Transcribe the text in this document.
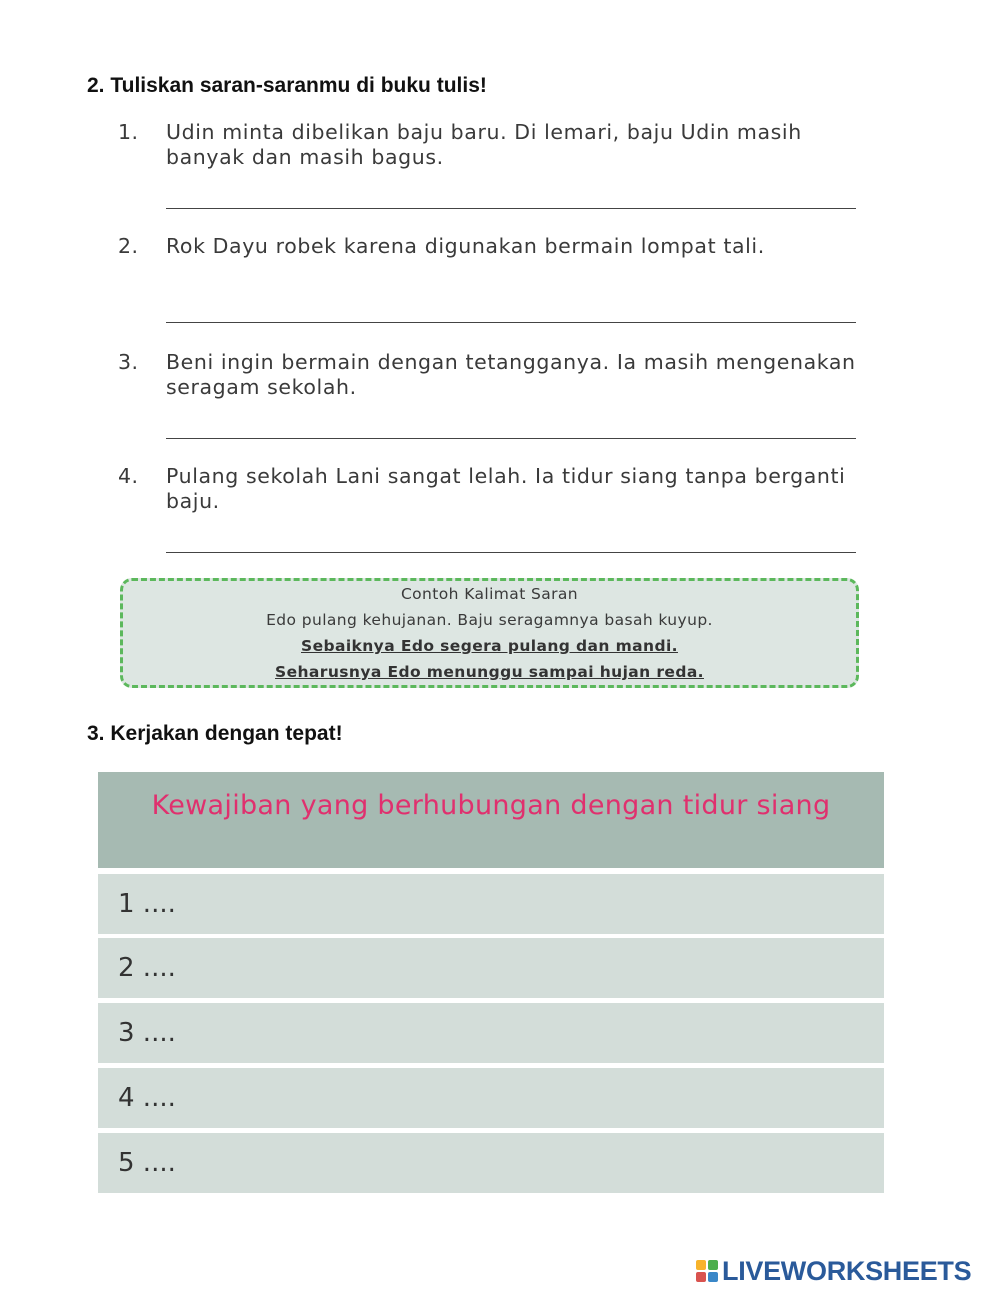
2. Tuliskan saran-saranmu di buku tulis!
1.	Udin minta dibelikan baju baru. Di lemari, baju Udin masih banyak dan masih bagus.
2.	Rok Dayu robek karena digunakan bermain lompat tali.
3.	Beni ingin bermain dengan tetangganya. Ia masih mengenakan seragam sekolah.
4.	Pulang sekolah Lani sangat lelah. Ia tidur siang tanpa berganti baju.
Contoh Kalimat Saran
Edo pulang kehujanan. Baju seragamnya basah kuyup.
Sebaiknya Edo segera pulang dan mandi.
Seharusnya Edo menunggu sampai hujan reda.
3. Kerjakan dengan tepat!
Kewajiban yang berhubungan dengan tidur siang
1 ....
2 ....
3 ....
4 ....
5 ....
LIVEWORKSHEETS
